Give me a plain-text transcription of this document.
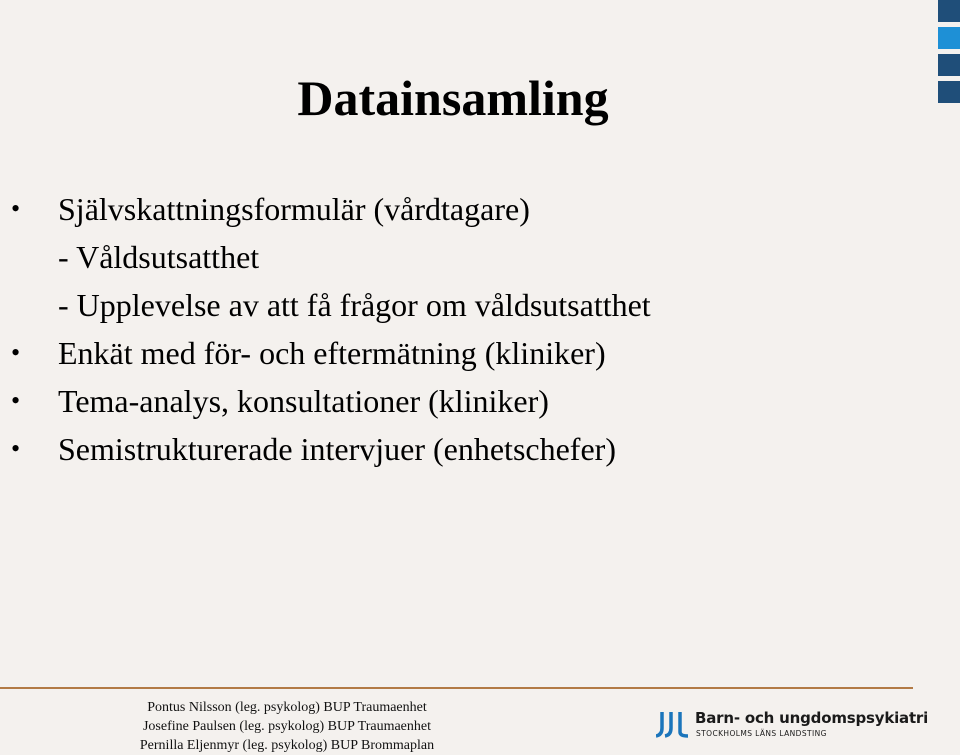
Datainsamling
• Självskattningsformulär (vårdtagare)
- Våldsutsatthet
- Upplevelse av att få frågor om våldsutsatthet
• Enkät med för- och eftermätning (kliniker)
• Tema-analys, konsultationer (kliniker)
• Semistrukturerade intervjuer (enhetschefer)
Pontus Nilsson (leg. psykolog) BUP Traumaenhet
Josefine Paulsen (leg. psykolog) BUP Traumaenhet
Pernilla Eljenmyr (leg. psykolog) BUP Brommaplan
Barn- och ungdomspsykiatri
STOCKHOLMS LÄNS LANDSTING
